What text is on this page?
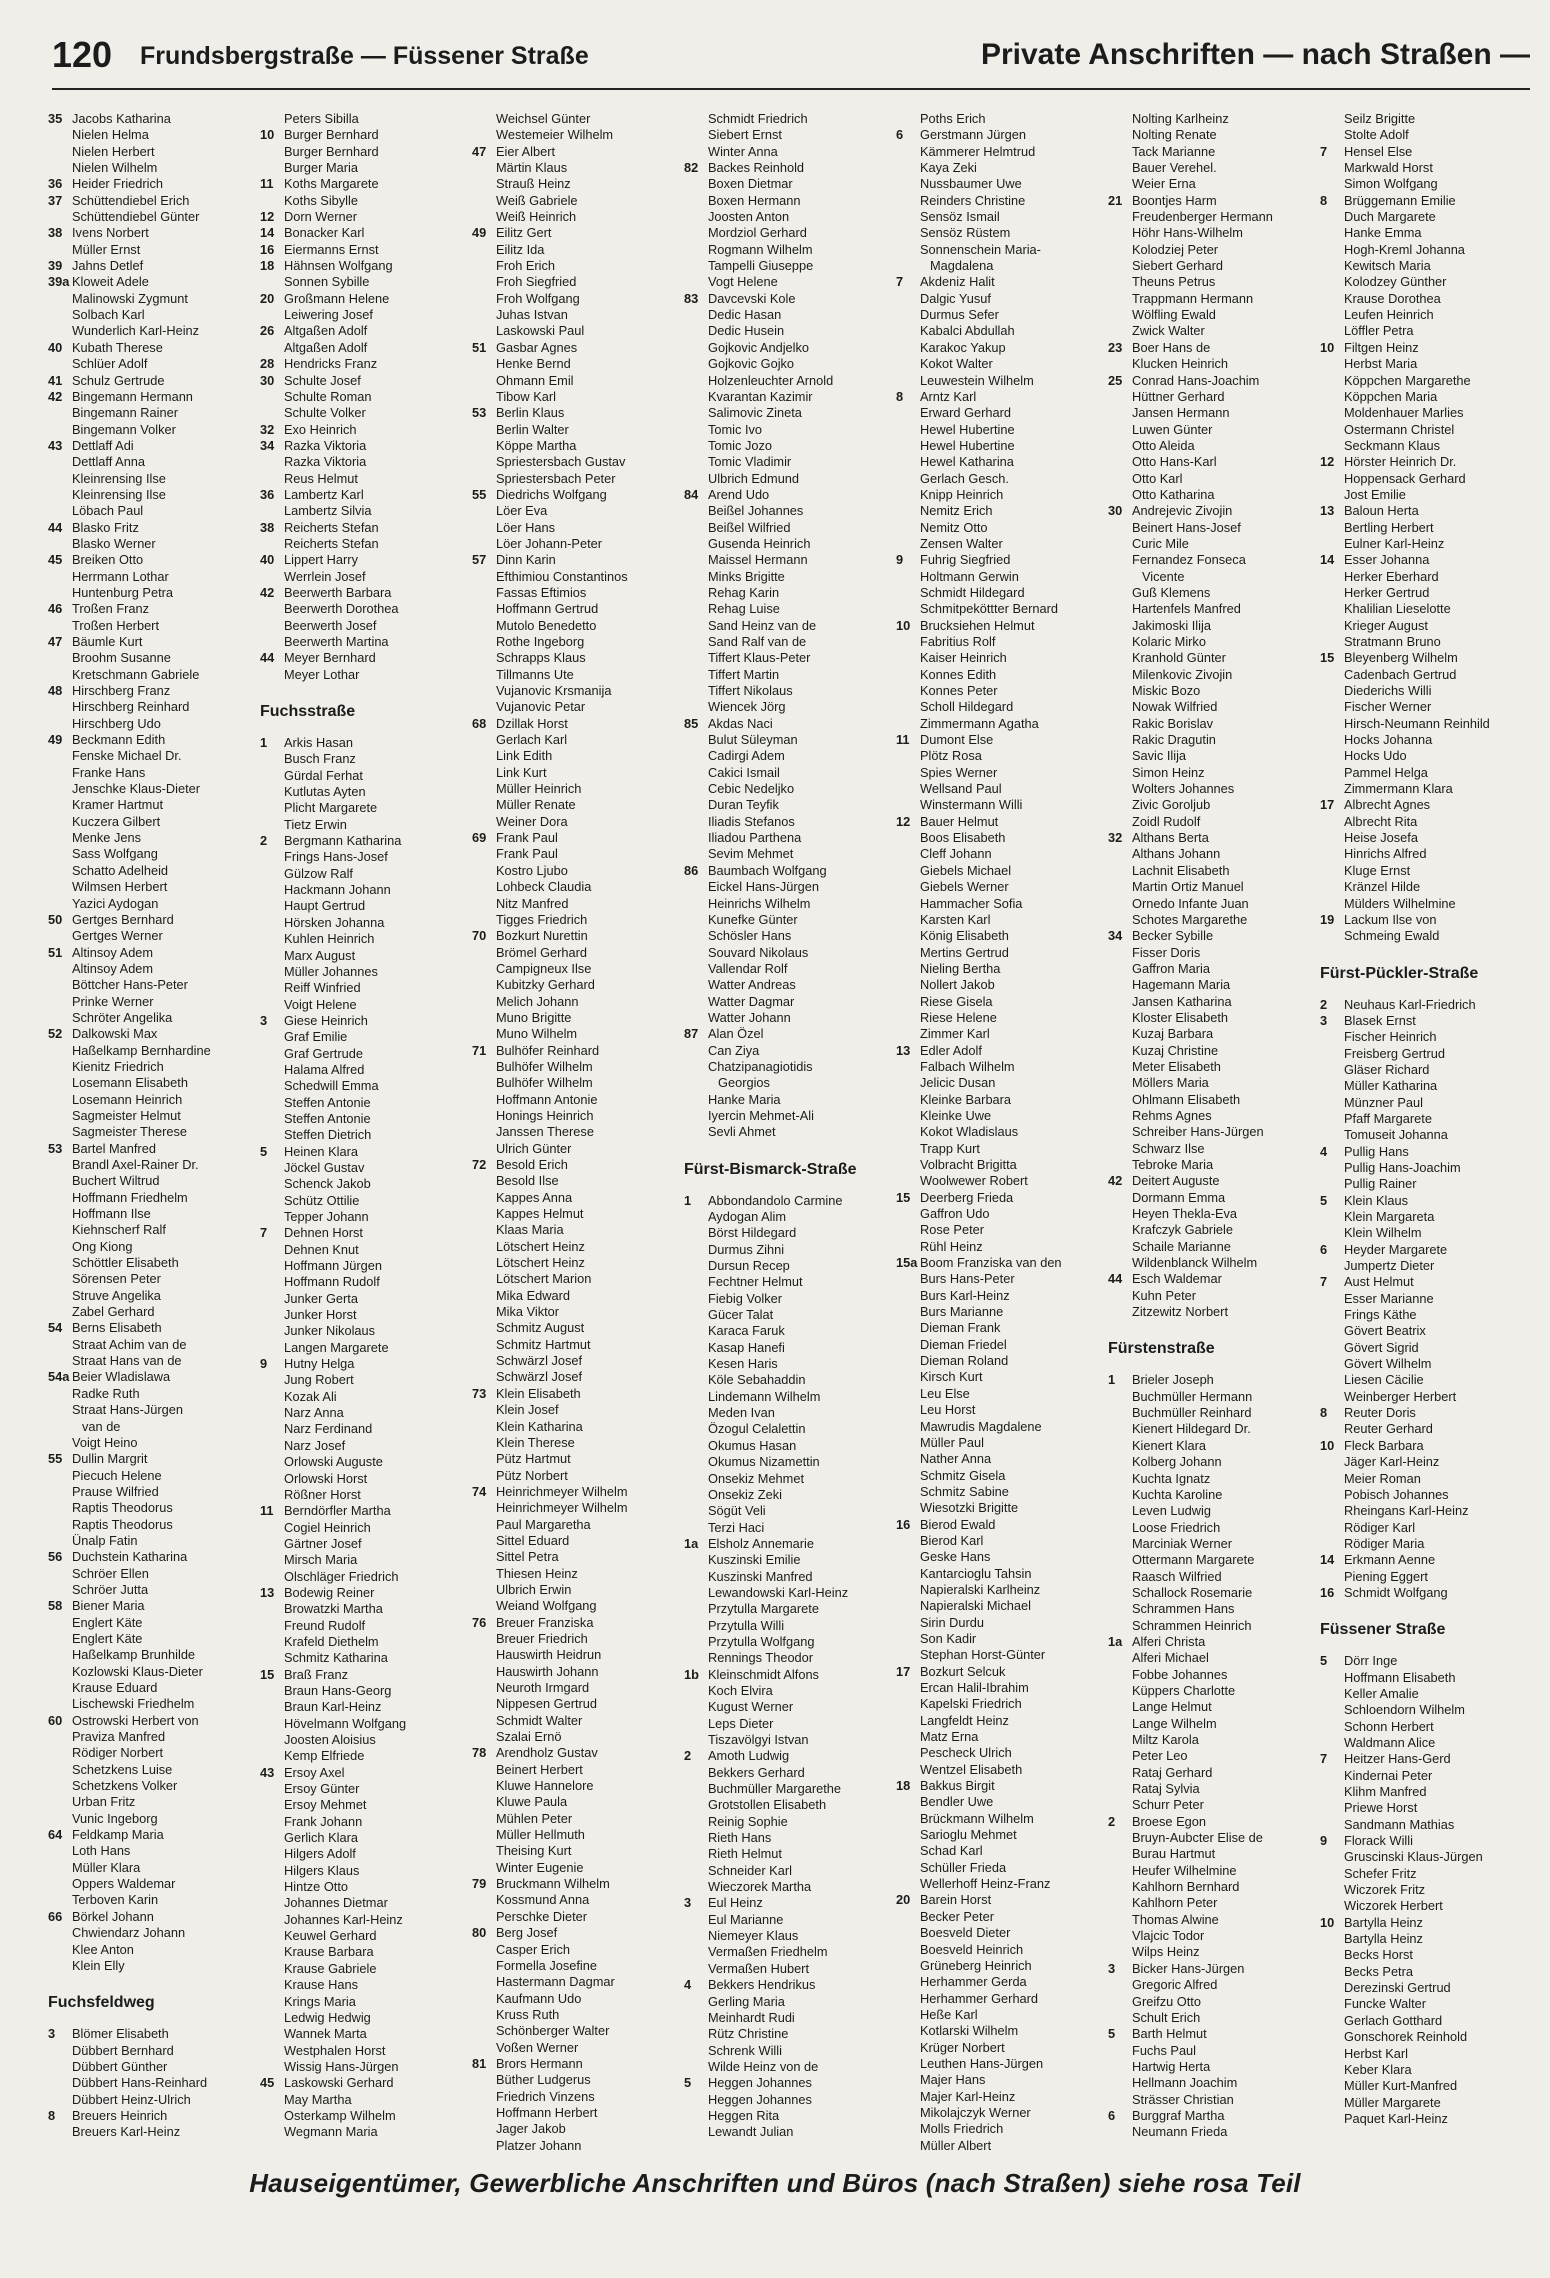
120 Frundsbergstraße — Füssener Straße	Private Anschriften — nach Straßen —
35 Jacobs Katharina
Nielen Helma
Nielen Herbert
Nielen Wilhelm
36 Heider Friedrich
37 Schüttendiebel Erich
Schüttendiebel Günter
38 Ivens Norbert
Müller Ernst
39 Jahns Detlef
39a Kloweit Adele
Malinowski Zygmunt
Solbach Karl
Wunderlich Karl-Heinz
40 Kubath Therese
Schlüer Adolf
41 Schulz Gertrude
42 Bingemann Hermann
Bingemann Rainer
Bingemann Volker
43 Dettlaff Adi
Dettlaff Anna
Kleinrensing Ilse
Kleinrensing Ilse
Löbach Paul
44 Blasko Fritz
Blasko Werner
45 Breiken Otto
Herrmann Lothar
Huntenburg Petra
46 Troßen Franz
Troßen Herbert
47 Bäumle Kurt
Broohm Susanne
Kretschmann Gabriele
48 Hirschberg Franz
Hirschberg Reinhard
Hirschberg Udo
49 Beckmann Edith
Fenske Michael Dr.
Franke Hans
Jenschke Klaus-Dieter
Kramer Hartmut
Kuczera Gilbert
Menke Jens
Sass Wolfgang
Schatto Adelheid
Wilmsen Herbert
Yazici Aydogan
50 Gertges Bernhard
Gertges Werner
51 Altinsoy Adem
Altinsoy Adem
Böttcher Hans-Peter
Prinke Werner
Schröter Angelika
52 Dalkowski Max
Haßelkamp Bernhardine
Kienitz Friedrich
Losemann Elisabeth
Losemann Heinrich
Sagmeister Helmut
Sagmeister Therese
53 Bartel Manfred
Brandl Axel-Rainer Dr.
Buchert Wiltrud
Hoffmann Friedhelm
Hoffmann Ilse
Kiehnscherf Ralf
Ong Kiong
Schöttler Elisabeth
Sörensen Peter
Struve Angelika
Zabel Gerhard
54 Berns Elisabeth
Straat Achim van de
Straat Hans van de
54a Beier Wladislawa
Radke Ruth
Straat Hans-Jürgen
van de
Voigt Heino
55 Dullin Margrit
Piecuch Helene
Prause Wilfried
Raptis Theodorus
Raptis Theodorus
Ünalp Fatin
56 Duchstein Katharina
Schröer Ellen
Schröer Jutta
58 Biener Maria
Englert Käte
Englert Käte
Haßelkamp Brunhilde
Kozlowski Klaus-Dieter
Krause Eduard
Lischewski Friedhelm
60 Ostrowski Herbert von
Praviza Manfred
Rödiger Norbert
Schetzkens Luise
Schetzkens Volker
Urban Fritz
Vunic Ingeborg
64 Feldkamp Maria
Loth Hans
Müller Klara
Oppers Waldemar
Terboven Karin
66 Börkel Johann
Chwiendarz Johann
Klee Anton
Klein Elly
Fuchsfeldweg
3	Blömer Elisabeth
Dübbert Bernhard
Dübbert Günther
Dübbert Hans-Reinhard
Dübbert Heinz-Ulrich
8	Breuers Heinrich
Breuers Karl-Heinz
Peters Sibilla
10 Burger Bernhard
Burger Bernhard
Burger Maria
11 Koths Margarete
Koths Sibylle
12 Dorn Werner
14 Bonacker Karl
16 Eiermanns Ernst
18 Hähnsen Wolfgang
Sonnen Sybille
20 Großmann Helene
Leiwering Josef
26 Altgaßen Adolf
Altgaßen Adolf
28 Hendricks Franz
30 Schulte Josef
Schulte Roman
Schulte Volker
32 Exo Heinrich
34 Razka Viktoria
Razka Viktoria
Reus Helmut
36 Lambertz Karl
Lambertz Silvia
38 Reicherts Stefan
Reicherts Stefan
40 Lippert Harry
Werrlein Josef
42 Beerwerth Barbara
Beerwerth Dorothea
Beerwerth Josef
Beerwerth Martina
44 Meyer Bernhard
Meyer Lothar
Fuchsstraße
1	Arkis Hasan
Busch Franz
Gürdal Ferhat
Kutlutas Ayten
Plicht Margarete
Tietz Erwin
2	Bergmann Katharina
Frings Hans-Josef
Gülzow Ralf
Hackmann Johann
Haupt Gertrud
Hörsken Johanna
Kuhlen Heinrich
Marx August
Müller Johannes
Reiff Winfried
Voigt Helene
3	Giese Heinrich
Graf Emilie
Graf Gertrude
Halama Alfred
Schedwill Emma
Steffen Antonie
Steffen Antonie
Steffen Dietrich
5	Heinen Klara
Jöckel Gustav
Schenck Jakob
Schütz Ottilie
Tepper Johann
7	Dehnen Horst
Dehnen Knut
Hoffmann Jürgen
Hoffmann Rudolf
Junker Gerta
Junker Horst
Junker Nikolaus
Langen Margarete
9	Hutny Helga
Jung Robert
Kozak Ali
Narz Anna
Narz Ferdinand
Narz Josef
Orlowski Auguste
Orlowski Horst
Rößner Horst
11 Berndörfler Martha
Cogiel Heinrich
Gärtner Josef
Mirsch Maria
Olschläger Friedrich
13 Bodewig Reiner
Browatzki Martha
Freund Rudolf
Krafeld Diethelm
Schmitz Katharina
15 Braß Franz
Braun Hans-Georg
Braun Karl-Heinz
Hövelmann Wolfgang
Joosten Aloisius
Kemp Elfriede
43 Ersoy Axel
Ersoy Günter
Ersoy Mehmet
Frank Johann
Gerlich Klara
Hilgers Adolf
Hilgers Klaus
Hintze Otto
Johannes Dietmar
Johannes Karl-Heinz
Keuwel Gerhard
Krause Barbara
Krause Gabriele
Krause Hans
Krings Maria
Ledwig Hedwig
Wannek Marta
Westphalen Horst
Wissig Hans-Jürgen
45 Laskowski Gerhard
May Martha
Osterkamp Wilhelm
Wegmann Maria
Weichsel Günter
Westemeier Wilhelm
47 Eier Albert
Märtin Klaus
Strauß Heinz
Weiß Gabriele
Weiß Heinrich
49 Eilitz Gert
Eilitz Ida
Froh Erich
Froh Siegfried
Froh Wolfgang
Juhas Istvan
Laskowski Paul
51 Gasbar Agnes
Henke Bernd
Ohmann Emil
Tibow Karl
53 Berlin Klaus
Berlin Walter
Köppe Martha
Spriestersbach Gustav
Spriestersbach Peter
55 Diedrichs Wolfgang
Löer Eva
Löer Hans
Löer Johann-Peter
57 Dinn Karin
Efthimiou Constantinos
Fassas Eftimios
Hoffmann Gertrud
Mutolo Benedetto
Rothe Ingeborg
Schrapps Klaus
Tillmanns Ute
Vujanovic Krsmanija
Vujanovic Petar
68 Dzillak Horst
Gerlach Karl
Link Edith
Link Kurt
Müller Heinrich
Müller Renate
Weiner Dora
69 Frank Paul
Frank Paul
Kostro Ljubo
Lohbeck Claudia
Nitz Manfred
Tigges Friedrich
70 Bozkurt Nurettin
Brömel Gerhard
Campigneux Ilse
Kubitzky Gerhard
Melich Johann
Muno Brigitte
Muno Wilhelm
71 Bulhöfer Reinhard
Bulhöfer Wilhelm
Bulhöfer Wilhelm
Hoffmann Antonie
Honings Heinrich
Janssen Therese
Ulrich Günter
72 Besold Erich
Besold Ilse
Kappes Anna
Kappes Helmut
Klaas Maria
Lötschert Heinz
Lötschert Heinz
Lötschert Marion
Mika Edward
Mika Viktor
Schmitz August
Schmitz Hartmut
Schwärzl Josef
Schwärzl Josef
73 Klein Elisabeth
Klein Josef
Klein Katharina
Klein Therese
Pütz Hartmut
Pütz Norbert
74 Heinrichmeyer Wilhelm
Heinrichmeyer Wilhelm
Paul Margaretha
Sittel Eduard
Sittel Petra
Thiesen Heinz
Ulbrich Erwin
Weiand Wolfgang
76 Breuer Franziska
Breuer Friedrich
Hauswirth Heidrun
Hauswirth Johann
Neuroth Irmgard
Nippesen Gertrud
Schmidt Walter
Szalai Ernö
78 Arendholz Gustav
Beinert Herbert
Kluwe Hannelore
Kluwe Paula
Mühlen Peter
Müller Hellmuth
Theising Kurt
Winter Eugenie
79 Bruckmann Wilhelm
Kossmund Anna
Perschke Dieter
80 Berg Josef
Casper Erich
Formella Josefine
Hastermann Dagmar
Kaufmann Udo
Kruss Ruth
Schönberger Walter
Voßen Werner
81 Brors Hermann
Büther Ludgerus
Friedrich Vinzens
Hoffmann Herbert
Jager Jakob
Platzer Johann
Schmidt Friedrich
Siebert Ernst
Winter Anna
82 Backes Reinhold
Boxen Dietmar
Boxen Hermann
Joosten Anton
Mordziol Gerhard
Rogmann Wilhelm
Tampelli Giuseppe
Vogt Helene
83 Davcevski Kole
Dedic Hasan
Dedic Husein
Gojkovic Andjelko
Gojkovic Gojko
Holzenleuchter Arnold
Kvarantan Kazimir
Salimovic Zineta
Tomic Ivo
Tomic Jozo
Tomic Vladimir
Ulbrich Edmund
84 Arend Udo
Beißel Johannes
Beißel Wilfried
Gusenda Heinrich
Maissel Hermann
Minks Brigitte
Rehag Karin
Rehag Luise
Sand Heinz van de
Sand Ralf van de
Tiffert Klaus-Peter
Tiffert Martin
Tiffert Nikolaus
Wiencek Jörg
85 Akdas Naci
Bulut Süleyman
Cadirgi Adem
Cakici Ismail
Cebic Nedeljko
Duran Teyfik
Iliadis Stefanos
Iliadou Parthena
Sevim Mehmet
86 Baumbach Wolfgang
Eickel Hans-Jürgen
Heinrichs Wilhelm
Kunefke Günter
Schösler Hans
Souvard Nikolaus
Vallendar Rolf
Watter Andreas
Watter Dagmar
Watter Johann
87 Alan Özel
Can Ziya
Chatzipanagiotidis
Georgios
Hanke Maria
Iyercin Mehmet-Ali
Sevli Ahmet
Fürst-Bismarck-Straße
1	Abbondandolo Carmine
Aydogan Alim
Börst Hildegard
Durmus Zihni
Dursun Recep
Fechtner Helmut
Fiebig Volker
Gücer Talat
Karaca Faruk
Kasap Hanefi
Kesen Haris
Köle Sebahaddin
Lindemann Wilhelm
Meden Ivan
Özogul Celalettin
Okumus Hasan
Okumus Nizamettin
Onsekiz Mehmet
Onsekiz Zeki
Sögüt Veli
Terzi Haci
1a Elsholz Annemarie
Kuszinski Emilie
Kuszinski Manfred
Lewandowski Karl-Heinz
Przytulla Margarete
Przytulla Willi
Przytulla Wolfgang
Rennings Theodor
1b Kleinschmidt Alfons
Koch Elvira
Kugust Werner
Leps Dieter
Tiszavölgyi Istvan
2	Amoth Ludwig
Bekkers Gerhard
Buchmüller Margarethe
Grotstollen Elisabeth
Reinig Sophie
Rieth Hans
Rieth Helmut
Schneider Karl
Wieczorek Martha
3	Eul Heinz
Eul Marianne
Niemeyer Klaus
Vermaßen Friedhelm
Vermaßen Hubert
4	Bekkers Hendrikus
Gerling Maria
Meinhardt Rudi
Rütz Christine
Schrenk Willi
Wilde Heinz von de
5	Heggen Johannes
Heggen Johannes
Heggen Rita
Lewandt Julian
Poths Erich
6	Gerstmann Jürgen
Kämmerer Helmtrud
Kaya Zeki
Nussbaumer Uwe
Reinders Christine
Sensöz Ismail
Sensöz Rüstem
Sonnenschein Maria-
Magdalena
7	Akdeniz Halit
Dalgic Yusuf
Durmus Sefer
Kabalci Abdullah
Karakoc Yakup
Kokot Walter
Leuwestein Wilhelm
8	Arntz Karl
Erward Gerhard
Hewel Hubertine
Hewel Hubertine
Hewel Katharina
Gerlach Gesch.
Knipp Heinrich
Nemitz Erich
Nemitz Otto
Zensen Walter
9	Fuhrig Siegfried
Holtmann Gerwin
Schmidt Hildegard
Schmitpeköttter Bernard
10 Brucksiehen Helmut
Fabritius Rolf
Kaiser Heinrich
Konnes Edith
Konnes Peter
Scholl Hildegard
Zimmermann Agatha
11 Dumont Else
Plötz Rosa
Spies Werner
Wellsand Paul
Winstermann Willi
12 Bauer Helmut
Boos Elisabeth
Cleff Johann
Giebels Michael
Giebels Werner
Hammacher Sofia
Karsten Karl
König Elisabeth
Mertins Gertrud
Nieling Bertha
Nollert Jakob
Riese Gisela
Riese Helene
Zimmer Karl
13 Edler Adolf
Falbach Wilhelm
Jelicic Dusan
Kleinke Barbara
Kleinke Uwe
Kokot Wladislaus
Trapp Kurt
Volbracht Brigitta
Woolwewer Robert
15 Deerberg Frieda
Gaffron Udo
Rose Peter
Rühl Heinz
15a Boom Franziska van den
Burs Hans-Peter
Burs Karl-Heinz
Burs Marianne
Dieman Frank
Dieman Friedel
Dieman Roland
Kirsch Kurt
Leu Else
Leu Horst
Mawrudis Magdalene
Müller Paul
Nather Anna
Schmitz Gisela
Schmitz Sabine
Wiesotzki Brigitte
16 Bierod Ewald
Bierod Karl
Geske Hans
Kantarcioglu Tahsin
Napieralski Karlheinz
Napieralski Michael
Sirin Durdu
Son Kadir
Stephan Horst-Günter
17 Bozkurt Selcuk
Ercan Halil-Ibrahim
Kapelski Friedrich
Langfeldt Heinz
Matz Erna
Pescheck Ulrich
Wentzel Elisabeth
18 Bakkus Birgit
Bendler Uwe
Brückmann Wilhelm
Sarioglu Mehmet
Schad Karl
Schüller Frieda
Wellerhoff Heinz-Franz
20 Barein Horst
Becker Peter
Boesveld Dieter
Boesveld Heinrich
Grüneberg Heinrich
Herhammer Gerda
Herhammer Gerhard
Heße Karl
Kotlarski Wilhelm
Krüger Norbert
Leuthen Hans-Jürgen
Majer Hans
Majer Karl-Heinz
Mikolajczyk Werner
Molls Friedrich
Müller Albert
Nolting Karlheinz
Nolting Renate
Tack Marianne
Bauer Verehel.
Weier Erna
21 Boontjes Harm
Freudenberger Hermann
Höhr Hans-Wilhelm
Kolodziej Peter
Siebert Gerhard
Theuns Petrus
Trappmann Hermann
Wölfling Ewald
Zwick Walter
23 Boer Hans de
Klucken Heinrich
25 Conrad Hans-Joachim
Hüttner Gerhard
Jansen Hermann
Luwen Günter
Otto Aleida
Otto Hans-Karl
Otto Karl
Otto Katharina
30 Andrejevic Zivojin
Beinert Hans-Josef
Curic Mile
Fernandez Fonseca
Vicente
Guß Klemens
Hartenfels Manfred
Jakimoski Ilija
Kolaric Mirko
Kranhold Günter
Milenkovic Zivojin
Miskic Bozo
Nowak Wilfried
Rakic Borislav
Rakic Dragutin
Savic Ilija
Simon Heinz
Wolters Johannes
Zivic Goroljub
Zoidl Rudolf
32 Althans Berta
Althans Johann
Lachnit Elisabeth
Martin Ortiz Manuel
Ornedo Infante Juan
Schotes Margarethe
34 Becker Sybille
Fisser Doris
Gaffron Maria
Hagemann Maria
Jansen Katharina
Kloster Elisabeth
Kuzaj Barbara
Kuzaj Christine
Meter Elisabeth
Möllers Maria
Ohlmann Elisabeth
Rehms Agnes
Schreiber Hans-Jürgen
Schwarz Ilse
Tebroke Maria
42 Deitert Auguste
Dormann Emma
Heyen Thekla-Eva
Krafczyk Gabriele
Schaile Marianne
Wildenblanck Wilhelm
44 Esch Waldemar
Kuhn Peter
Zitzewitz Norbert
Fürstenstraße
1	Brieler Joseph
Buchmüller Hermann
Buchmüller Reinhard
Kienert Hildegard Dr.
Kienert Klara
Kolberg Johann
Kuchta Ignatz
Kuchta Karoline
Leven Ludwig
Loose Friedrich
Marciniak Werner
Ottermann Margarete
Raasch Wilfried
Schallock Rosemarie
Schrammen Hans
Schrammen Heinrich
1a Alferi Christa
Alferi Michael
Fobbe Johannes
Küppers Charlotte
Lange Helmut
Lange Wilhelm
Miltz Karola
Peter Leo
Rataj Gerhard
Rataj Sylvia
Schurr Peter
2	Broese Egon
Bruyn-Aubcter Elise de
Burau Hartmut
Heufer Wilhelmine
Kahlhorn Bernhard
Kahlhorn Peter
Thomas Alwine
Vlajcic Todor
Wilps Heinz
3	Bicker Hans-Jürgen
Gregoric Alfred
Greifzu Otto
Schult Erich
5	Barth Helmut
Fuchs Paul
Hartwig Herta
Hellmann Joachim
Strässer Christian
6	Burggraf Martha
Neumann Frieda
Seilz Brigitte
Stolte Adolf
7	Hensel Else
Markwald Horst
Simon Wolfgang
8	Brüggemann Emilie
Duch Margarete
Hanke Emma
Hogh-Kreml Johanna
Kewitsch Maria
Kolodzey Günther
Krause Dorothea
Leufen Heinrich
Löffler Petra
10 Filtgen Heinz
Herbst Maria
Köppchen Margarethe
Köppchen Maria
Moldenhauer Marlies
Ostermann Christel
Seckmann Klaus
12 Hörster Heinrich Dr.
Hoppensack Gerhard
Jost Emilie
13 Baloun Herta
Bertling Herbert
Eulner Karl-Heinz
14 Esser Johanna
Herker Eberhard
Herker Gertrud
Khalilian Lieselotte
Krieger August
Stratmann Bruno
15 Bleyenberg Wilhelm
Cadenbach Gertrud
Diederichs Willi
Fischer Werner
Hirsch-Neumann Reinhild
Hocks Johanna
Hocks Udo
Pammel Helga
Zimmermann Klara
17 Albrecht Agnes
Albrecht Rita
Heise Josefa
Hinrichs Alfred
Kluge Ernst
Kränzel Hilde
Mülders Wilhelmine
19 Lackum Ilse von
Schmeing Ewald
Fürst-Pückler-Straße
2	Neuhaus Karl-Friedrich
3	Blasek Ernst
Fischer Heinrich
Freisberg Gertrud
Gläser Richard
Müller Katharina
Münzner Paul
Pfaff Margarete
Tomuseit Johanna
4	Pullig Hans
Pullig Hans-Joachim
Pullig Rainer
5	Klein Klaus
Klein Margareta
Klein Wilhelm
6	Heyder Margarete
Jumpertz Dieter
7	Aust Helmut
Esser Marianne
Frings Käthe
Gövert Beatrix
Gövert Sigrid
Gövert Wilhelm
Liesen Cäcilie
Weinberger Herbert
8	Reuter Doris
Reuter Gerhard
10 Fleck Barbara
Jäger Karl-Heinz
Meier Roman
Pobisch Johannes
Rheingans Karl-Heinz
Rödiger Karl
Rödiger Maria
14 Erkmann Aenne
Piening Eggert
16 Schmidt Wolfgang
Füssener Straße
5	Dörr Inge
Hoffmann Elisabeth
Keller Amalie
Schloendorn Wilhelm
Schonn Herbert
Waldmann Alice
7	Heitzer Hans-Gerd
Kindernai Peter
Klihm Manfred
Priewe Horst
Sandmann Mathias
9	Florack Willi
Gruscinski Klaus-Jürgen
Schefer Fritz
Wiczorek Fritz
Wiczorek Herbert
10 Bartylla Heinz
Bartylla Heinz
Becks Horst
Becks Petra
Derezinski Gertrud
Funcke Walter
Gerlach Gotthard
Gonschorek Reinhold
Herbst Karl
Keber Klara
Müller Kurt-Manfred
Müller Margarete
Paquet Karl-Heinz
Hauseigentümer, Gewerbliche Anschriften und Büros (nach Straßen) siehe rosa Teil
